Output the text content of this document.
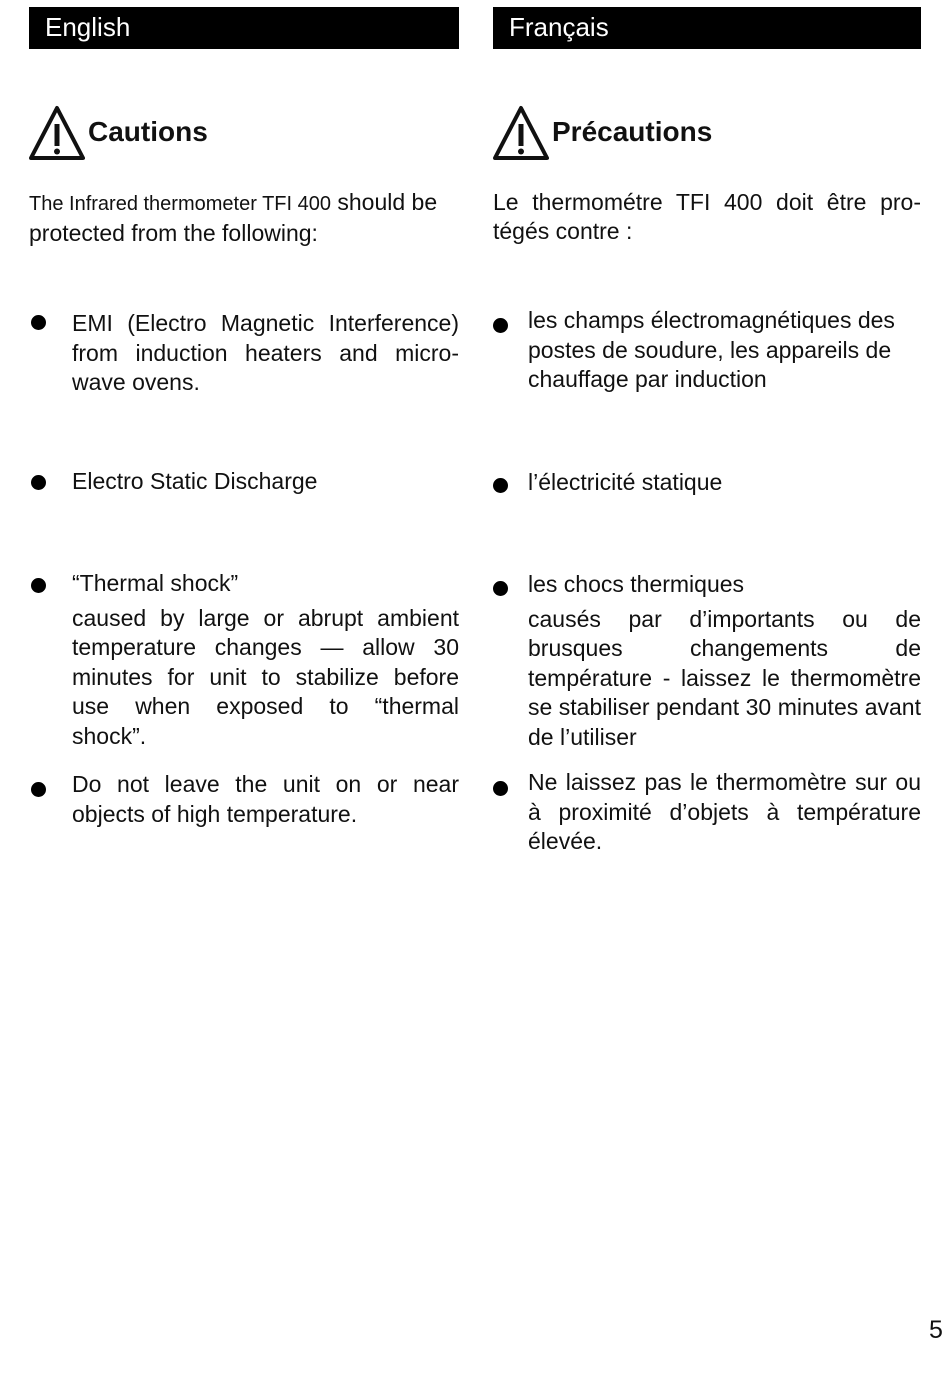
English
Cautions
The Infrared thermometer TFI 400 should be protected from the following:
EMI (Electro Magnetic Interference) from induction heaters and micro-wave ovens.
Electro Static Discharge
“Thermal shock”
caused by large or abrupt ambient temperature changes — allow 30 minutes for unit to stabilize before use when exposed to “thermal shock”.
Do not leave the unit on or near objects of high temperature.
Français
Précautions
Le thermométre TFI 400 doit être pro-tégés contre :
les champs électromagnétiques des postes de soudure, les appareils de chauffage par induction
l’électricité statique
les chocs thermiques
causés par d’importants ou de brusques changements de température - laissez le thermomètre se stabiliser pendant 30 minutes avant de l’utiliser
Ne laissez pas le thermomètre sur ou à proximité d’objets à température élevée.
5
